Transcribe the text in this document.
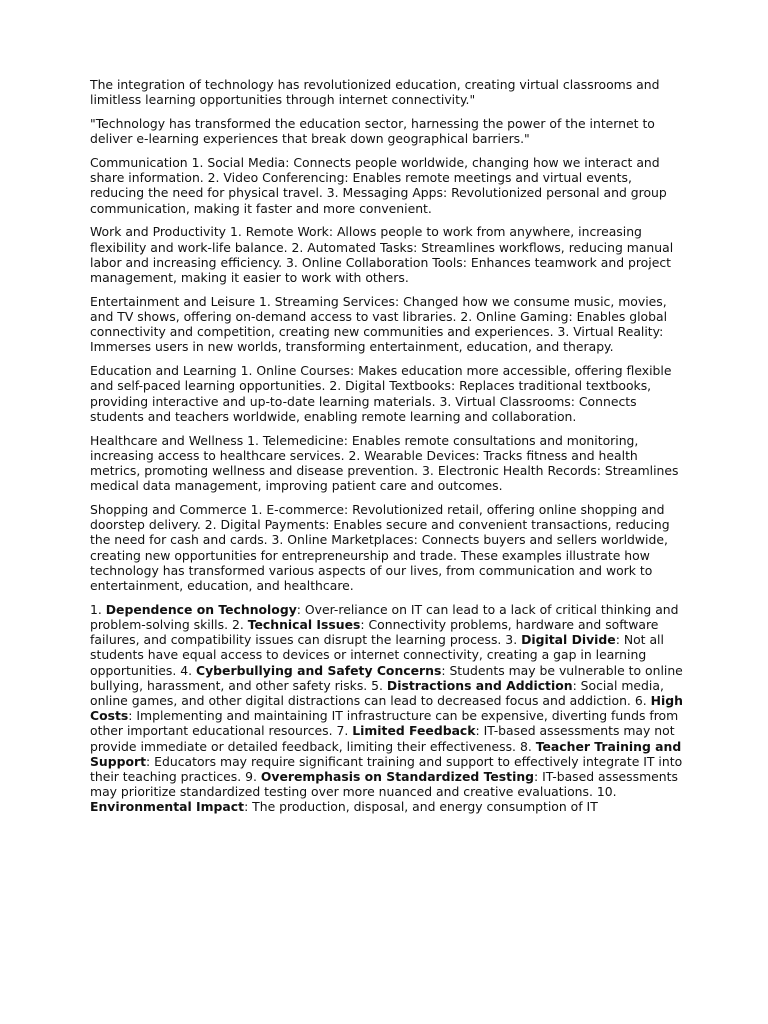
The integration of technology has revolutionized education, creating virtual classrooms and limitless learning opportunities through internet connectivity."

"Technology has transformed the education sector, harnessing the power of the internet to deliver e-learning experiences that break down geographical barriers."

Communication 1. Social Media: Connects people worldwide, changing how we interact and share information. 2. Video Conferencing: Enables remote meetings and virtual events, reducing the need for physical travel. 3. Messaging Apps: Revolutionized personal and group communication, making it faster and more convenient.

Work and Productivity 1. Remote Work: Allows people to work from anywhere, increasing flexibility and work-life balance. 2. Automated Tasks: Streamlines workflows, reducing manual labor and increasing efficiency. 3. Online Collaboration Tools: Enhances teamwork and project management, making it easier to work with others.

Entertainment and Leisure 1. Streaming Services: Changed how we consume music, movies, and TV shows, offering on-demand access to vast libraries. 2. Online Gaming: Enables global connectivity and competition, creating new communities and experiences. 3. Virtual Reality: Immerses users in new worlds, transforming entertainment, education, and therapy.

Education and Learning 1. Online Courses: Makes education more accessible, offering flexible and self-paced learning opportunities. 2. Digital Textbooks: Replaces traditional textbooks, providing interactive and up-to-date learning materials. 3. Virtual Classrooms: Connects students and teachers worldwide, enabling remote learning and collaboration.

Healthcare and Wellness 1. Telemedicine: Enables remote consultations and monitoring, increasing access to healthcare services. 2. Wearable Devices: Tracks fitness and health metrics, promoting wellness and disease prevention. 3. Electronic Health Records: Streamlines medical data management, improving patient care and outcomes.

Shopping and Commerce 1. E-commerce: Revolutionized retail, offering online shopping and doorstep delivery. 2. Digital Payments: Enables secure and convenient transactions, reducing the need for cash and cards. 3. Online Marketplaces: Connects buyers and sellers worldwide, creating new opportunities for entrepreneurship and trade. These examples illustrate how technology has transformed various aspects of our lives, from communication and work to entertainment, education, and healthcare.

1. Dependence on Technology: Over-reliance on IT can lead to a lack of critical thinking and problem-solving skills. 2. Technical Issues: Connectivity problems, hardware and software failures, and compatibility issues can disrupt the learning process. 3. Digital Divide: Not all students have equal access to devices or internet connectivity, creating a gap in learning opportunities. 4. Cyberbullying and Safety Concerns: Students may be vulnerable to online bullying, harassment, and other safety risks. 5. Distractions and Addiction: Social media, online games, and other digital distractions can lead to decreased focus and addiction. 6. High Costs: Implementing and maintaining IT infrastructure can be expensive, diverting funds from other important educational resources. 7. Limited Feedback: IT-based assessments may not provide immediate or detailed feedback, limiting their effectiveness. 8. Teacher Training and Support: Educators may require significant training and support to effectively integrate IT into their teaching practices. 9. Overemphasis on Standardized Testing: IT-based assessments may prioritize standardized testing over more nuanced and creative evaluations. 10. Environmental Impact: The production, disposal, and energy consumption of IT
